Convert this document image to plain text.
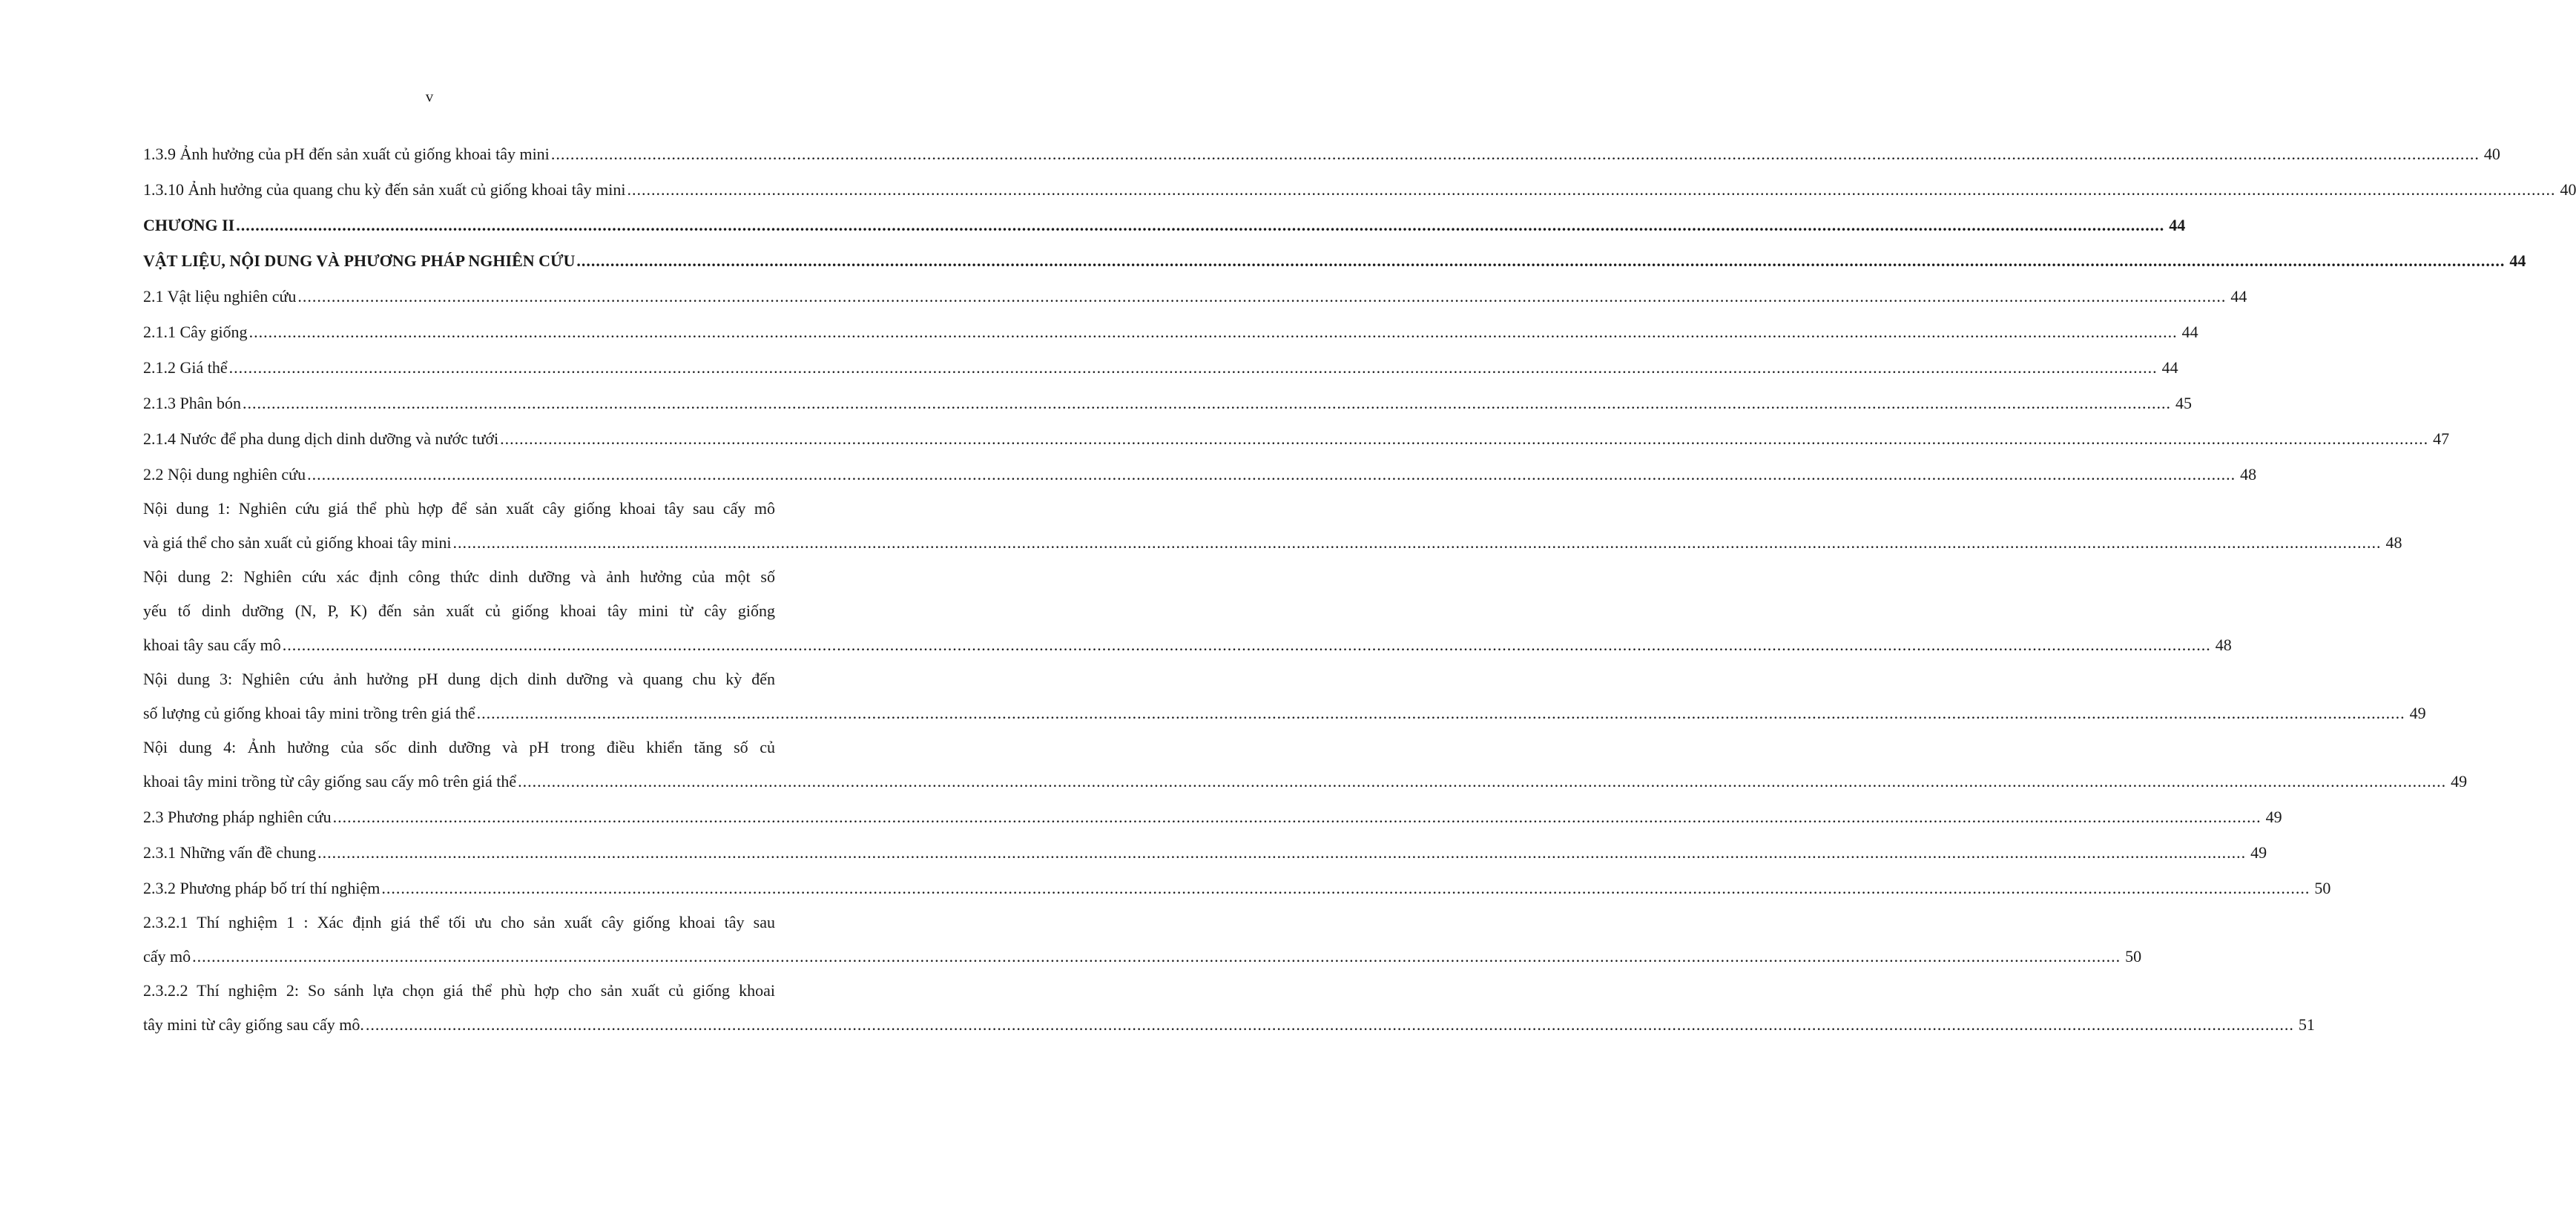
v
1.3.9 Ảnh hưởng của pH đến sản xuất củ giống khoai tây mini ................................................................................................................................................................................................................................................................................................................................................................................................................ 40
1.3.10 Ảnh hưởng của quang chu kỳ đến sản xuất củ giống khoai tây mini ................................................................................................................................................................................................................................................................................................................................................................................................................ 40
CHƯƠNG II ................................................................................................................................................................................................................................................................................................................................................................................................................ 44
VẬT LIỆU, NỘI DUNG VÀ PHƯƠNG PHÁP NGHIÊN CỨU ................................................................................................................................................................................................................................................................................................................................................................................................................ 44
2.1 Vật liệu nghiên cứu ................................................................................................................................................................................................................................................................................................................................................................................................................ 44
2.1.1 Cây giống ................................................................................................................................................................................................................................................................................................................................................................................................................ 44
2.1.2 Giá thể ................................................................................................................................................................................................................................................................................................................................................................................................................ 44
2.1.3 Phân bón ................................................................................................................................................................................................................................................................................................................................................................................................................ 45
2.1.4 Nước để pha dung dịch dinh dưỡng và nước tưới ................................................................................................................................................................................................................................................................................................................................................................................................................ 47
2.2 Nội dung nghiên cứu ................................................................................................................................................................................................................................................................................................................................................................................................................ 48
Nội dung 1: Nghiên cứu giá thể phù hợp để sản xuất cây giống khoai tây sau cấy mô
và giá thể cho sản xuất củ giống khoai tây mini ................................................................................................................................................................................................................................................................................................................................................................................................................ 48
Nội dung 2: Nghiên cứu xác định công thức dinh dưỡng và ảnh hưởng của một số
yếu tố dinh dưỡng (N, P, K) đến sản xuất củ giống khoai tây mini từ cây giống
khoai tây sau cấy mô ................................................................................................................................................................................................................................................................................................................................................................................................................ 48
Nội dung 3: Nghiên cứu ảnh hưởng pH dung dịch dinh dưỡng và quang chu kỳ đến
số lượng củ giống khoai tây mini trồng trên giá thể ................................................................................................................................................................................................................................................................................................................................................................................................................ 49
Nội dung 4: Ảnh hưởng của sốc dinh dưỡng và pH trong điều khiển tăng số củ
khoai tây mini trồng từ cây giống sau cấy mô trên giá thể ................................................................................................................................................................................................................................................................................................................................................................................................................ 49
2.3 Phương pháp nghiên cứu ................................................................................................................................................................................................................................................................................................................................................................................................................ 49
2.3.1 Những vấn đề chung ................................................................................................................................................................................................................................................................................................................................................................................................................ 49
2.3.2 Phương pháp bố trí thí nghiệm ................................................................................................................................................................................................................................................................................................................................................................................................................ 50
2.3.2.1 Thí nghiệm 1 : Xác định giá thể tối ưu cho sản xuất cây giống khoai tây sau
cấy mô ................................................................................................................................................................................................................................................................................................................................................................................................................ 50
2.3.2.2 Thí nghiệm 2: So sánh lựa chọn giá thể phù hợp cho sản xuất củ giống khoai
tây mini từ cây giống sau cấy mô. ................................................................................................................................................................................................................................................................................................................................................................................................................ 51
